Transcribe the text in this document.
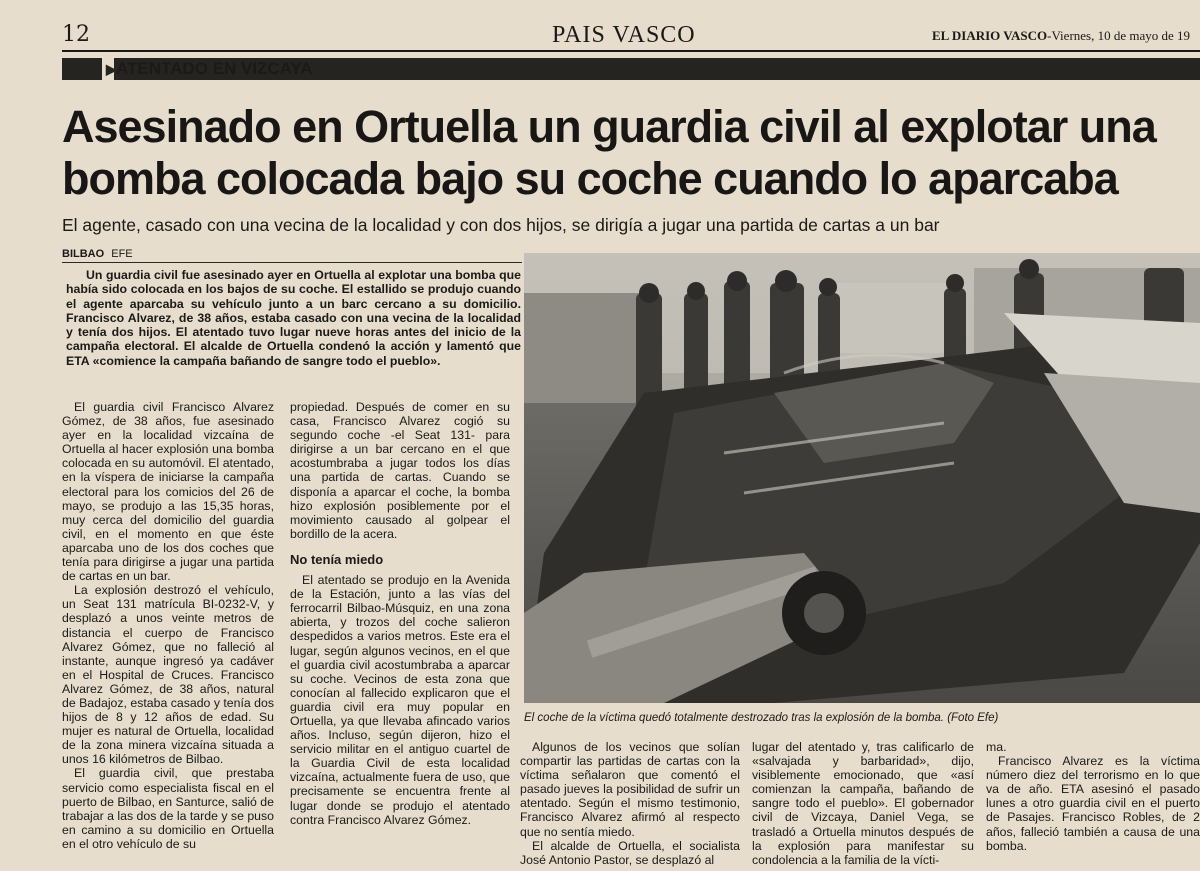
12	PAIS VASCO	EL DIARIO VASCO-Viernes, 10 de mayo de 19
▶ ATENTADO EN VIZCAYA
Asesinado en Ortuella un guardia civil al explotar una bomba colocada bajo su coche cuando lo aparcaba
El agente, casado con una vecina de la localidad y con dos hijos, se dirigía a jugar una partida de cartas a un bar
BILBAO EFE

Un guardia civil fue asesinado ayer en Ortuella al explotar una bomba que había sido colocada en los bajos de su coche. El estallido se produjo cuando el agente aparcaba su vehículo junto a un barc cercano a su domicilio. Francisco Alvarez, de 38 años, estaba casado con una vecina de la localidad y tenía dos hijos. El atentado tuvo lugar nueve horas antes del inicio de la campaña electoral. El alcalde de Ortuella condenó la acción y lamentó que ETA «comience la campaña bañando de sangre todo el pueblo».

El guardia civil Francisco Alvarez Gómez, de 38 años, fue asesinado ayer en la localidad vizcaína de Ortuella al hacer explosión una bomba colocada en su automóvil. El atentado, en la víspera de iniciarse la campaña electoral para los comicios del 26 de mayo, se produjo a las 15,35 horas, muy cerca del domicilio del guardia civil, en el momento en que éste aparcaba uno de los dos coches que tenía para dirigirse a jugar una partida de cartas en un bar.

La explosión destrozó el vehículo, un Seat 131 matrícula BI-0232-V, y desplazó a unos veinte metros de distancia el cuerpo de Francisco Alvarez Gómez, que no falleció al instante, aunque ingresó ya cadáver en el Hospital de Cruces. Francisco Alvarez Gómez, de 38 años, natural de Badajoz, estaba casado y tenía dos hijos de 8 y 12 años de edad. Su mujer es natural de Ortuella, localidad de la zona minera vizcaína situada a unos 16 kilómetros de Bilbao.

El guardia civil, que prestaba servicio como especialista fiscal en el puerto de Bilbao, en Santurce, salió de trabajar a las dos de la tarde y se puso en camino a su domicilio en Ortuella en el otro vehículo de su

propiedad. Después de comer en su casa, Francisco Alvarez cogió su segundo coche -el Seat 131- para dirigirse a un bar cercano en el que acostumbraba a jugar todos los días una partida de cartas. Cuando se disponía a aparcar el coche, la bomba hizo explosión posiblemente por el movimiento causado al golpear el bordillo de la acera.

No tenía miedo

El atentado se produjo en la Avenida de la Estación, junto a las vías del ferrocarril Bilbao-Músquiz, en una zona abierta, y trozos del coche salieron despedidos a varios metros. Este era el lugar, según algunos vecinos, en el que el guardia civil acostumbraba a aparcar su coche. Vecinos de esta zona que conocían al fallecido explicaron que el guardia civil era muy popular en Ortuella, ya que llevaba afincado varios años. Incluso, según dijeron, hizo el servicio militar en el antiguo cuartel de la Guardia Civil de esta localidad vizcaína, actualmente fuera de uso, que precisamente se encuentra frente al lugar donde se produjo el atentado contra Francisco Alvarez Gómez.

El coche de la víctima quedó totalmente destrozado tras la explosión de la bomba. (Foto Efe)

Algunos de los vecinos que solían compartir las partidas de cartas con la víctima señalaron que comentó el pasado jueves la posibilidad de sufrir un atentado. Según el mismo testimonio, Francisco Alvarez afirmó al respecto que no sentía miedo.

El alcalde de Ortuella, el socialista José Antonio Pastor, se desplazó al

lugar del atentado y, tras calificarlo de «salvajada y barbaridad», dijo, visiblemente emocionado, que «así comienzan la campaña, bañando de sangre todo el pueblo». El gobernador civil de Vizcaya, Daniel Vega, se trasladó a Ortuella minutos después de la explosión para manifestar su condolencia a la familia de la vícti-

ma.

Francisco Alvarez es la víctima número diez del terrorismo en lo que va de año. ETA asesinó el pasado lunes a otro guardia civil en el puerto de Pasajes. Francisco Robles, de 2 años, falleció también a causa de una bomba.
